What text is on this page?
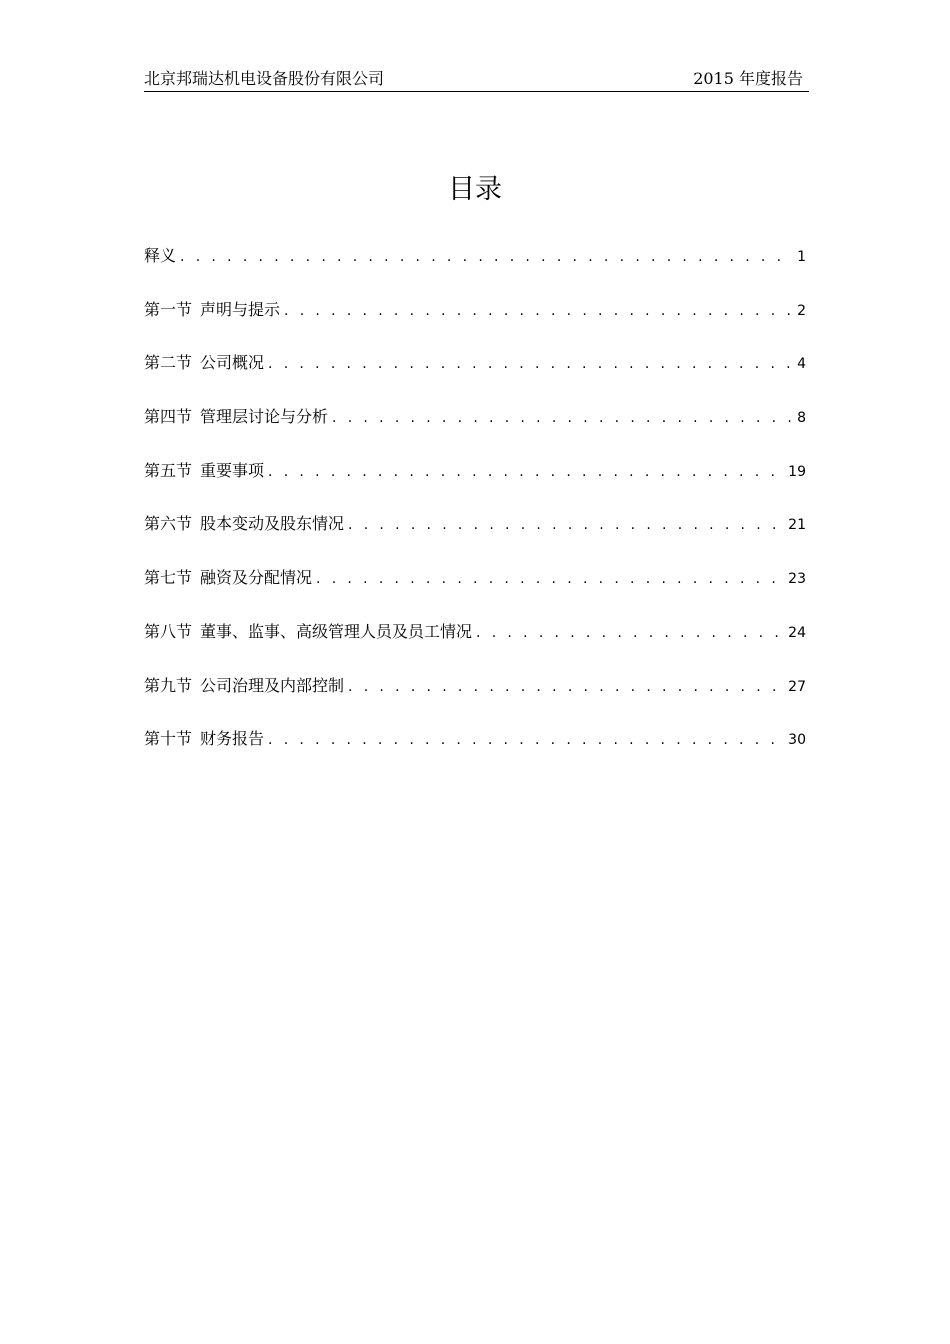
北京邦瑞达机电设备股份有限公司	2015 年度报告
目录
释义 . . .	1
第一节 声明与提示 . . .	2
第二节 公司概况 . . .	4
第四节 管理层讨论与分析 . . .	8
第五节 重要事项 . . .	19
第六节 股本变动及股东情况 . . .	21
第七节 融资及分配情况 . . .	23
第八节 董事、监事、高级管理人员及员工情况 . . .	24
第九节 公司治理及内部控制 . . .	27
第十节 财务报告 . . .	30
